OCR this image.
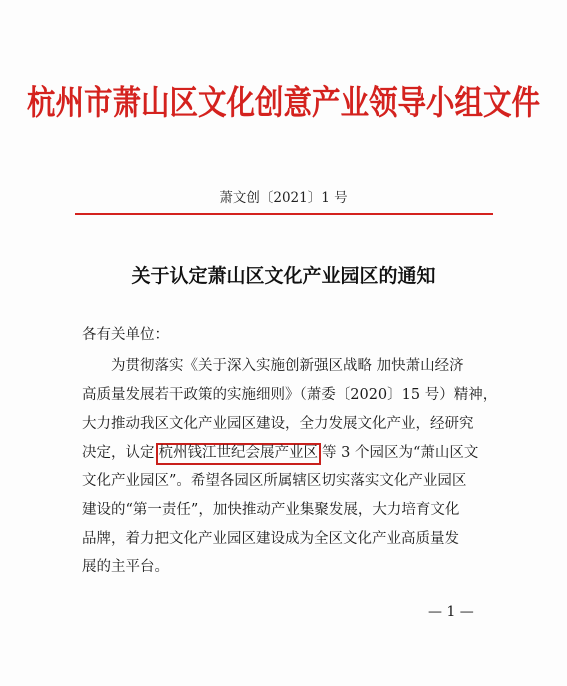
杭州市萧山区文化创意产业领导小组文件
萧文创〔2021〕1 号
关于认定萧山区文化产业园区的通知
各有关单位：
为贯彻落实《关于深入实施创新强区战略 加快萧山经济
高质量发展若干政策的实施细则》（萧委〔2020〕15 号）精神，
大力推动我区文化产业园区建设，全力发展文化产业，经研究
决定，认定 杭州钱江世纪会展产业区 等 3 个园区为“萧山区文
文化产业园区”。希望各园区所属辖区切实落实文化产业园区
建设的“第一责任”，加快推动产业集聚发展，大力培育文化
品牌，着力把文化产业园区建设成为全区文化产业高质量发
展的主平台。
— 1 —
